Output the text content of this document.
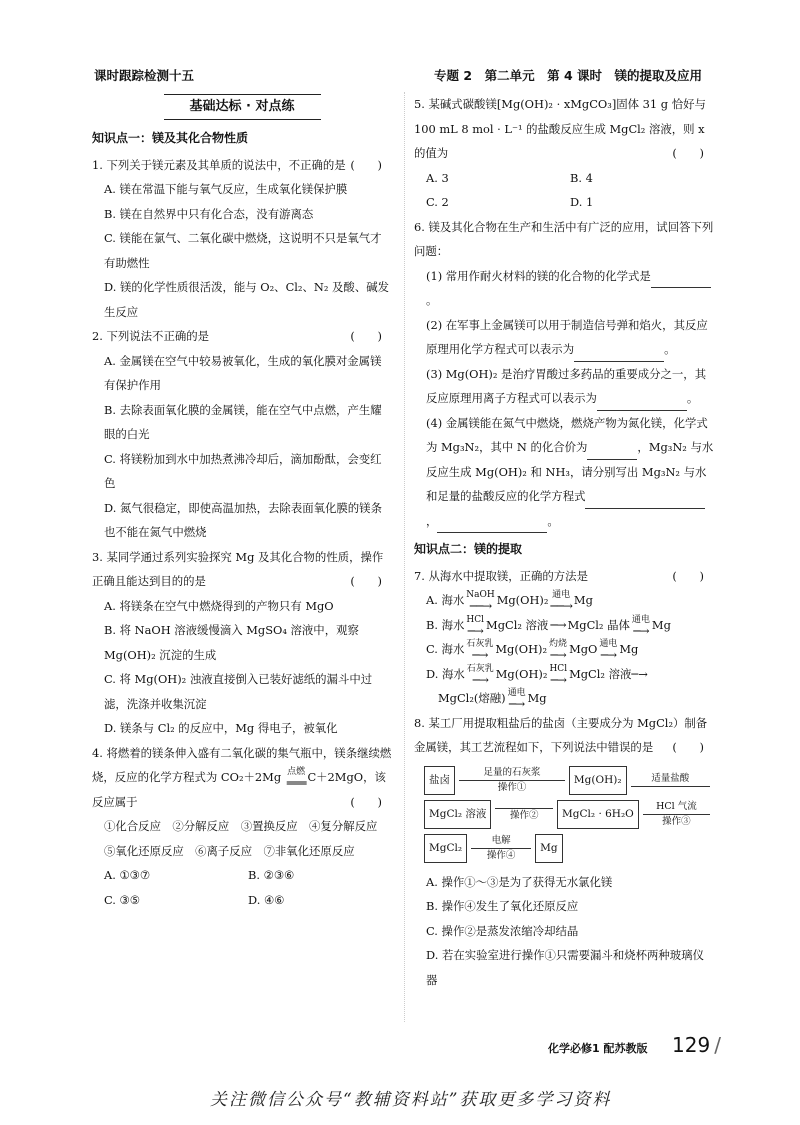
课时跟踪检测十五	专题 2　第二单元　第 4 课时　镁的提取及应用
基础达标 · 对点练
知识点一：镁及其化合物性质
1. 下列关于镁元素及其单质的说法中，不正确的是 (　　)
A. 镁在常温下能与氧气反应，生成氧化镁保护膜
B. 镁在自然界中只有化合态，没有游离态
C. 镁能在氯气、二氧化碳中燃烧，这说明不只是氧气才有助燃性
D. 镁的化学性质很活泼，能与 O₂、Cl₂、N₂ 及酸、碱发生反应
2. 下列说法不正确的是	(　　)
A. 金属镁在空气中较易被氧化，生成的氧化膜对金属镁有保护作用
B. 去除表面氧化膜的金属镁，能在空气中点燃，产生耀眼的白光
C. 将镁粉加到水中加热煮沸冷却后，滴加酚酞，会变红色
D. 氮气很稳定，即使高温加热，去除表面氧化膜的镁条也不能在氮气中燃烧
3. 某同学通过系列实验探究 Mg 及其化合物的性质，操作正确且能达到目的的是	(　　)
A. 将镁条在空气中燃烧得到的产物只有 MgO
B. 将 NaOH 溶液缓慢滴入 MgSO₄ 溶液中，观察 Mg(OH)₂ 沉淀的生成
C. 将 Mg(OH)₂ 浊液直接倒入已装好滤纸的漏斗中过滤，洗涤并收集沉淀
D. 镁条与 Cl₂ 的反应中，Mg 得电子，被氧化
4. 将燃着的镁条伸入盛有二氧化碳的集气瓶中，镁条继续燃烧，反应的化学方程式为 CO₂＋2Mg 点燃
═══ C＋2MgO，该反应属于	(　　)
①化合反应　②分解反应　③置换反应　④复分解反应　⑤氧化还原反应　⑥离子反应　⑦非氧化还原反应
A. ①③⑦	B. ②③⑥
C. ③⑤	D. ④⑥
5. 某碱式碳酸镁[Mg(OH)₂ · xMgCO₃]固体 31 g 恰好与 100 mL 8 mol · L⁻¹ 的盐酸反应生成 MgCl₂ 溶液，则 x 的值为	(　　)
A. 3	B. 4
C. 2	D. 1
6. 镁及其化合物在生产和生活中有广泛的应用，试回答下列问题：
(1) 常用作耐火材料的镁的化合物的化学式是。
(2) 在军事上金属镁可以用于制造信号弹和焰火，其反应原理用化学方程式可以表示为	。
(3) Mg(OH)₂ 是治疗胃酸过多药品的重要成分之一，其反应原理用离子方程式可以表示为	。
(4) 金属镁能在氮气中燃烧，燃烧产物为氮化镁，化学式为 Mg₃N₂，其中 N 的化合价为	，Mg₃N₂ 与水反应生成 Mg(OH)₂ 和 NH₃，请分别写出 Mg₃N₂ 与水和足量的盐酸反应的化学方程式，	。
知识点二：镁的提取
7. 从海水中提取镁，正确的方法是	(　　)
A. 海水 NaOH
──→ Mg(OH)₂ 通电
──→ Mg
B. 海水 HCl
─→ MgCl₂ 溶液 ─→ MgCl₂ 晶体 通电
─→ Mg
C. 海水 石灰乳
─→ Mg(OH)₂ 灼烧
─→ MgO 通电
─→ Mg
D. 海水 石灰乳
─→ Mg(OH)₂ HCl
─→ MgCl₂ 溶液─→
MgCl₂(熔融) 通电
─→ Mg
8. 某工厂用提取粗盐后的盐卤（主要成分为 MgCl₂）制备金属镁，其工艺流程如下，下列说法中错误的是 (　　)
盐卤
足量的石灰浆
操作①
Mg(OH)₂	适量盐酸
MgCl₂ 溶液	操作②	MgCl₂ · 6H₂O
HCl 气流
操作③
MgCl₂
电解
操作④
Mg
A. 操作①～③是为了获得无水氯化镁
B. 操作④发生了氧化还原反应
C. 操作②是蒸发浓缩冷却结晶
D. 若在实验室进行操作①只需要漏斗和烧杯两种玻璃仪器
化学必修1 配苏教版 129 /
关注微信公众号“教辅资料站”获取更多学习资料
